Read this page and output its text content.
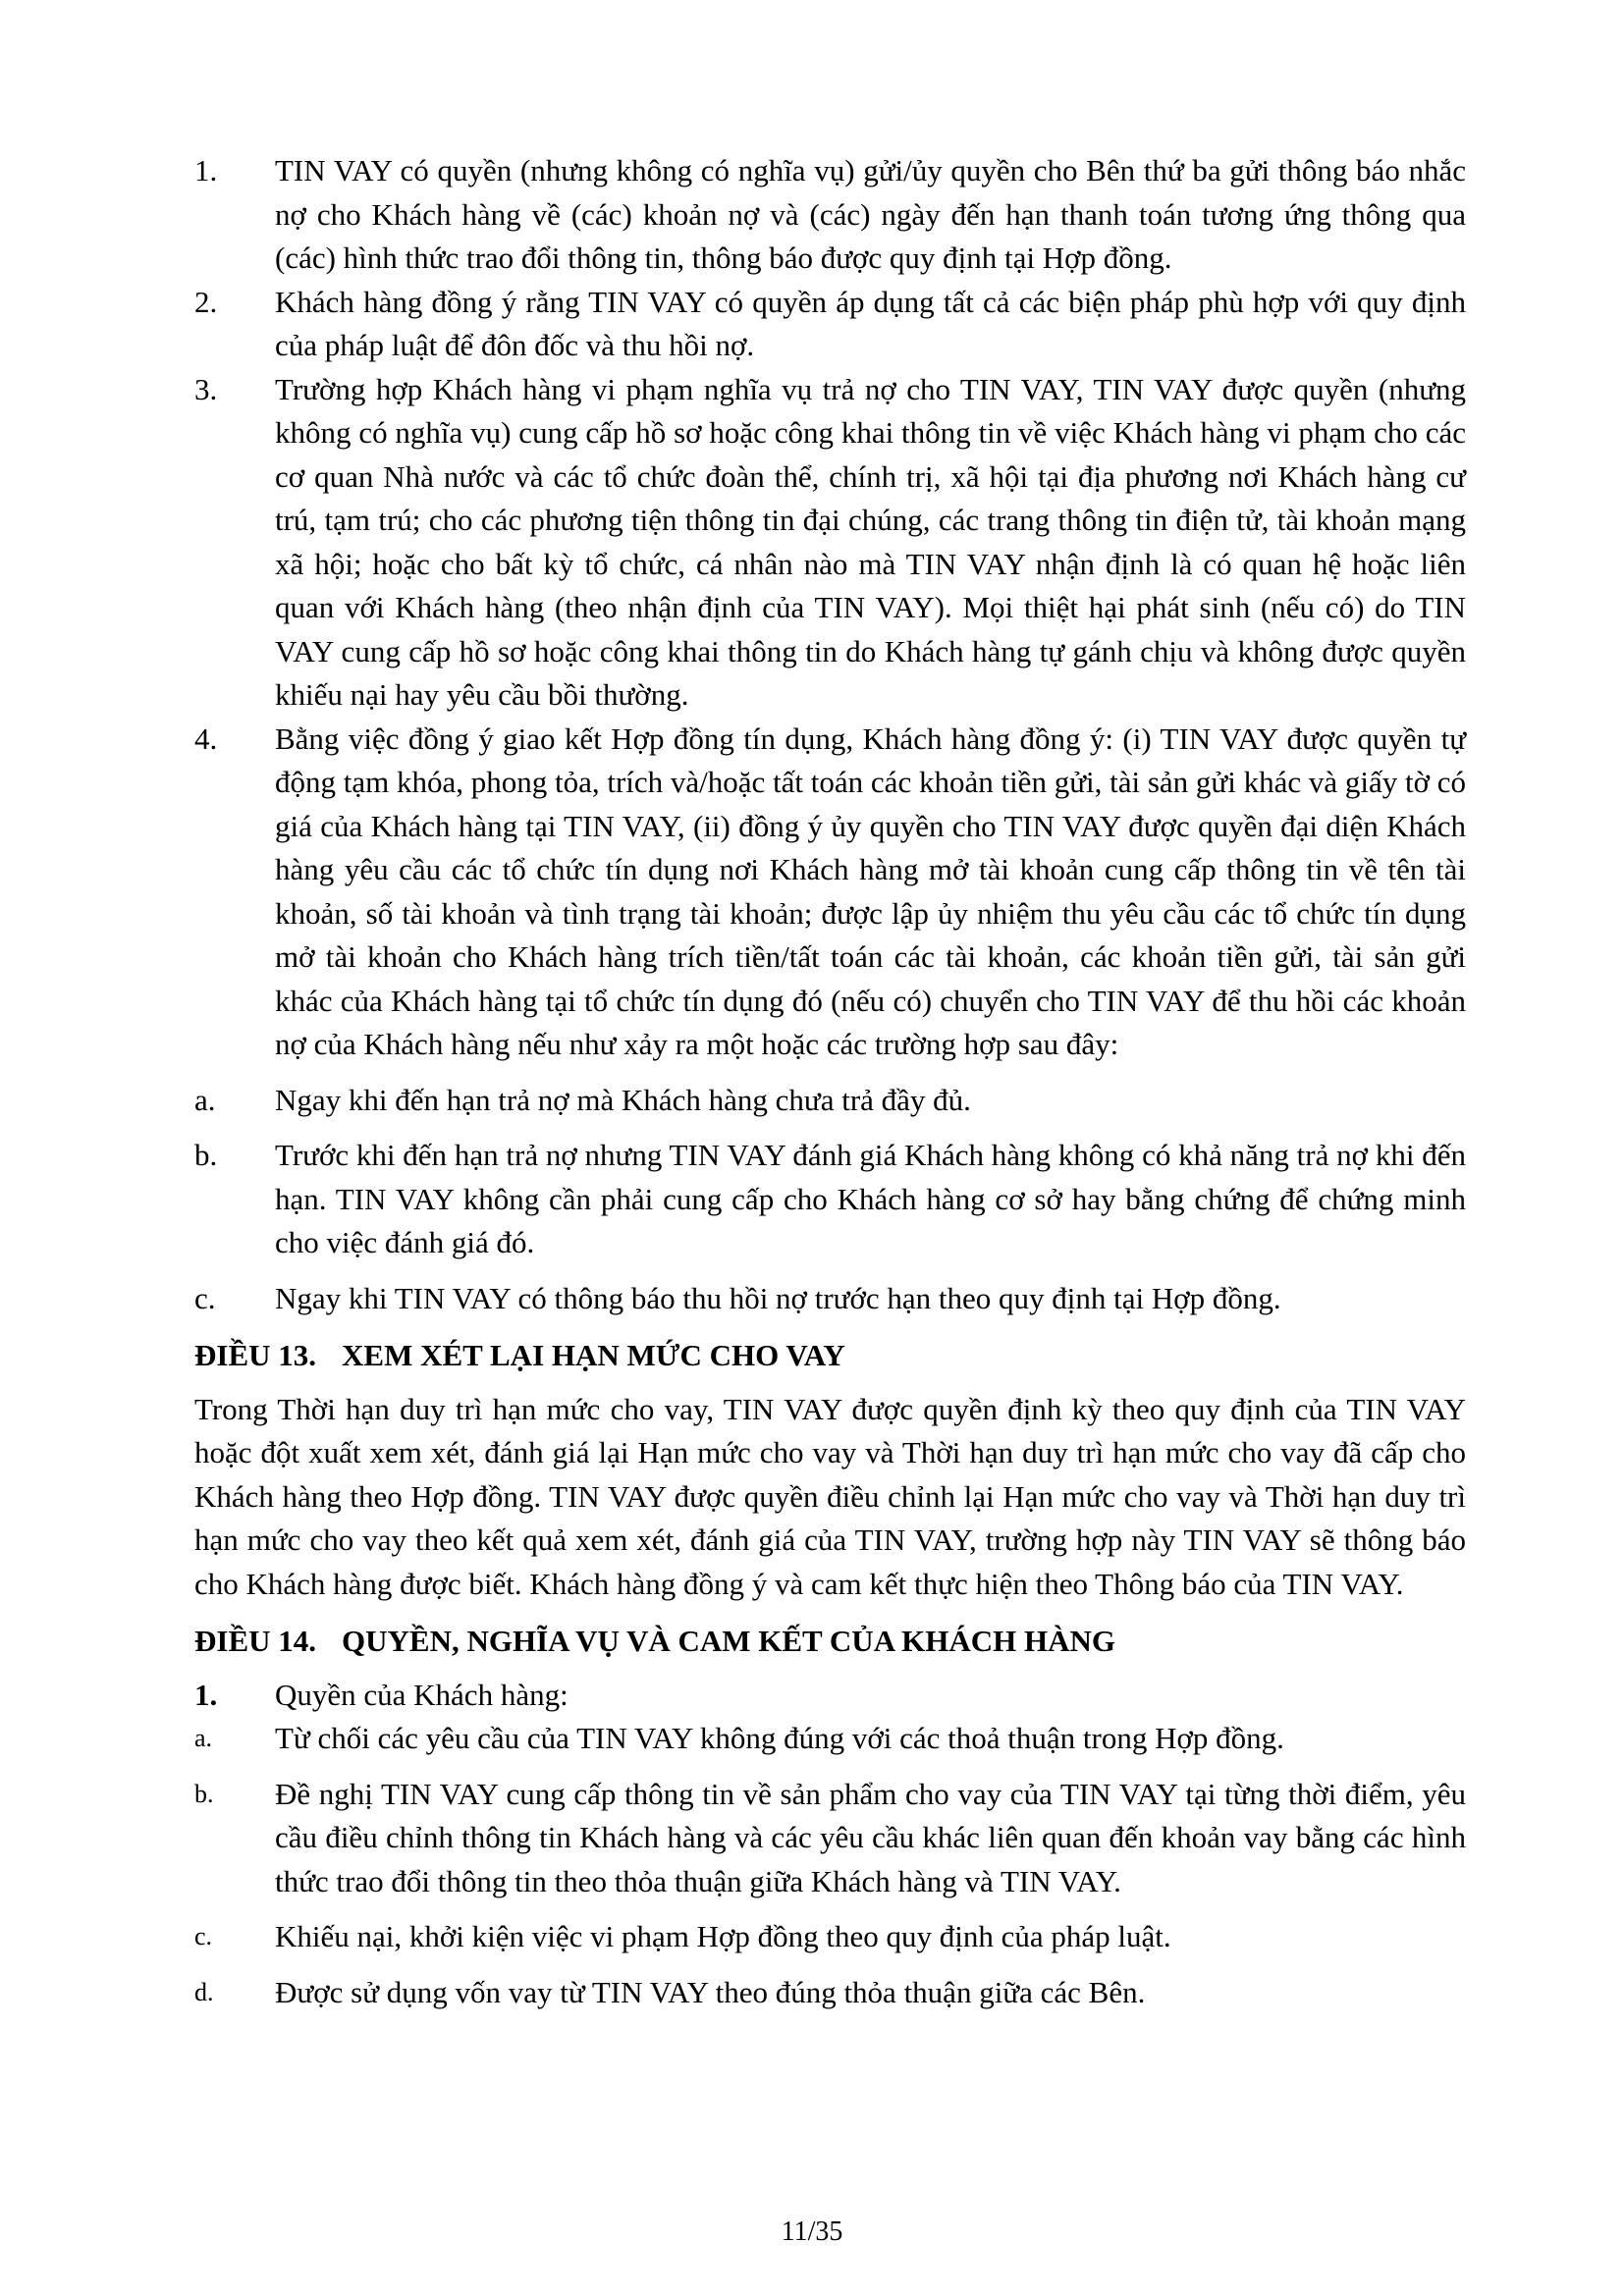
1. TIN VAY có quyền (nhưng không có nghĩa vụ) gửi/ủy quyền cho Bên thứ ba gửi thông báo nhắc nợ cho Khách hàng về (các) khoản nợ và (các) ngày đến hạn thanh toán tương ứng thông qua (các) hình thức trao đổi thông tin, thông báo được quy định tại Hợp đồng.
2. Khách hàng đồng ý rằng TIN VAY có quyền áp dụng tất cả các biện pháp phù hợp với quy định của pháp luật để đôn đốc và thu hồi nợ.
3. Trường hợp Khách hàng vi phạm nghĩa vụ trả nợ cho TIN VAY, TIN VAY được quyền (nhưng không có nghĩa vụ) cung cấp hồ sơ hoặc công khai thông tin về việc Khách hàng vi phạm cho các cơ quan Nhà nước và các tổ chức đoàn thể, chính trị, xã hội tại địa phương nơi Khách hàng cư trú, tạm trú; cho các phương tiện thông tin đại chúng, các trang thông tin điện tử, tài khoản mạng xã hội; hoặc cho bất kỳ tổ chức, cá nhân nào mà TIN VAY nhận định là có quan hệ hoặc liên quan với Khách hàng (theo nhận định của TIN VAY). Mọi thiệt hại phát sinh (nếu có) do TIN VAY cung cấp hồ sơ hoặc công khai thông tin do Khách hàng tự gánh chịu và không được quyền khiếu nại hay yêu cầu bồi thường.
4. Bằng việc đồng ý giao kết Hợp đồng tín dụng, Khách hàng đồng ý: (i) TIN VAY được quyền tự động tạm khóa, phong tỏa, trích và/hoặc tất toán các khoản tiền gửi, tài sản gửi khác và giấy tờ có giá của Khách hàng tại TIN VAY, (ii) đồng ý ủy quyền cho TIN VAY được quyền đại diện Khách hàng yêu cầu các tổ chức tín dụng nơi Khách hàng mở tài khoản cung cấp thông tin về tên tài khoản, số tài khoản và tình trạng tài khoản; được lập ủy nhiệm thu yêu cầu các tổ chức tín dụng mở tài khoản cho Khách hàng trích tiền/tất toán các tài khoản, các khoản tiền gửi, tài sản gửi khác của Khách hàng tại tổ chức tín dụng đó (nếu có) chuyển cho TIN VAY để thu hồi các khoản nợ của Khách hàng nếu như xảy ra một hoặc các trường hợp sau đây:
a. Ngay khi đến hạn trả nợ mà Khách hàng chưa trả đầy đủ.
b. Trước khi đến hạn trả nợ nhưng TIN VAY đánh giá Khách hàng không có khả năng trả nợ khi đến hạn. TIN VAY không cần phải cung cấp cho Khách hàng cơ sở hay bằng chứng để chứng minh cho việc đánh giá đó.
c. Ngay khi TIN VAY có thông báo thu hồi nợ trước hạn theo quy định tại Hợp đồng.
ĐIỀU 13. XEM XÉT LẠI HẠN MỨC CHO VAY
Trong Thời hạn duy trì hạn mức cho vay, TIN VAY được quyền định kỳ theo quy định của TIN VAY hoặc đột xuất xem xét, đánh giá lại Hạn mức cho vay và Thời hạn duy trì hạn mức cho vay đã cấp cho Khách hàng theo Hợp đồng. TIN VAY được quyền điều chỉnh lại Hạn mức cho vay và Thời hạn duy trì hạn mức cho vay theo kết quả xem xét, đánh giá của TIN VAY, trường hợp này TIN VAY sẽ thông báo cho Khách hàng được biết. Khách hàng đồng ý và cam kết thực hiện theo Thông báo của TIN VAY.
ĐIỀU 14. QUYỀN, NGHĨA VỤ VÀ CAM KẾT CỦA KHÁCH HÀNG
1. Quyền của Khách hàng:
a. Từ chối các yêu cầu của TIN VAY không đúng với các thoả thuận trong Hợp đồng.
b. Đề nghị TIN VAY cung cấp thông tin về sản phẩm cho vay của TIN VAY tại từng thời điểm, yêu cầu điều chỉnh thông tin Khách hàng và các yêu cầu khác liên quan đến khoản vay bằng các hình thức trao đổi thông tin theo thỏa thuận giữa Khách hàng và TIN VAY.
c. Khiếu nại, khởi kiện việc vi phạm Hợp đồng theo quy định của pháp luật.
d. Được sử dụng vốn vay từ TIN VAY theo đúng thỏa thuận giữa các Bên.
11/35
